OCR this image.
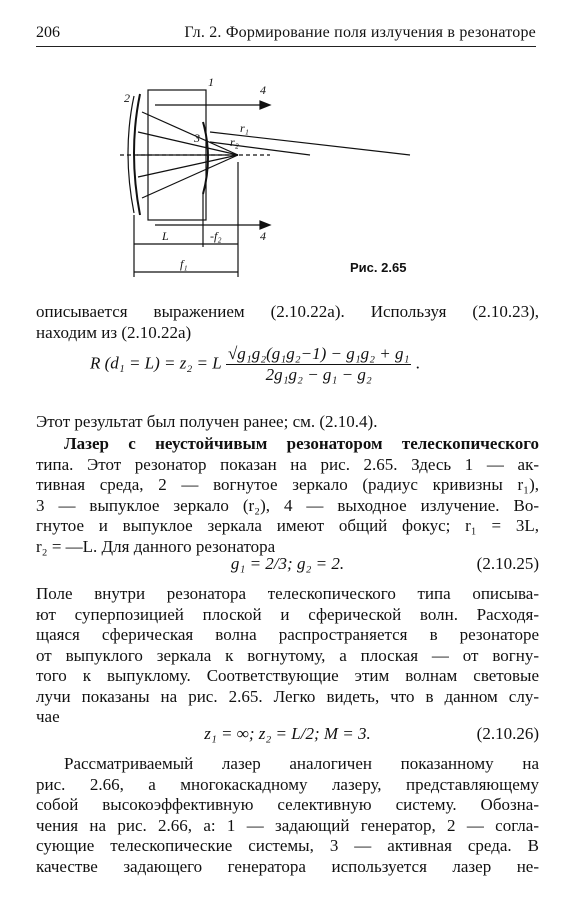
206	Гл. 2. Формирование поля излучения в резонаторе
1
2
3
4
4
r₁
r₂
L	-f₂
f₁	Рис. 2.65
описывается выражением (2.10.22а). Используя (2.10.23),
находим из (2.10.22а)
R (d₁ = L) = z₂ = L $\frac{\text{√g₁g₂(g₁g₂−1) − g₁g₂ + g₁}}{\text{2g₁g₂ − g₁ − g₂}}$ .
Этот результат был получен ранее; см. (2.10.4).
Лазер с неустойчивым резонатором телескопического
типа. Этот резонатор показан на рис. 2.65. Здесь 1 — ак-
тивная среда, 2 — вогнутое зеркало (радиус кривизны r₁),
3 — выпуклое зеркало (r₂), 4 — выходное излучение. Во-
гнутое и выпуклое зеркала имеют общий фокус; r₁ = 3L,
r₂ = —L. Для данного резонатора
g₁ = 2/3; g₂ = 2.	(2.10.25)
Поле внутри резонатора телескопического типа описыва-
ют суперпозицией плоской и сферической волн. Расходя-
щаяся сферическая волна распространяется в резонаторе
от выпуклого зеркала к вогнутому, а плоская — от вогну-
того к выпуклому. Соответствующие этим волнам световые
лучи показаны на рис. 2.65. Легко видеть, что в данном слу-
чае
z₁ = ∞; z₂ = L/2; M = 3.	(2.10.26)
Рассматриваемый лазер аналогичен показанному на
рис. 2.66, а многокаскадному лазеру, представляющему
собой высокоэффективную селективную систему. Обозна-
чения на рис. 2.66, а: 1 — задающий генератор, 2 — согла-
сующие телескопические системы, 3 — активная среда. В
качестве задающего генератора используется лазер не-
